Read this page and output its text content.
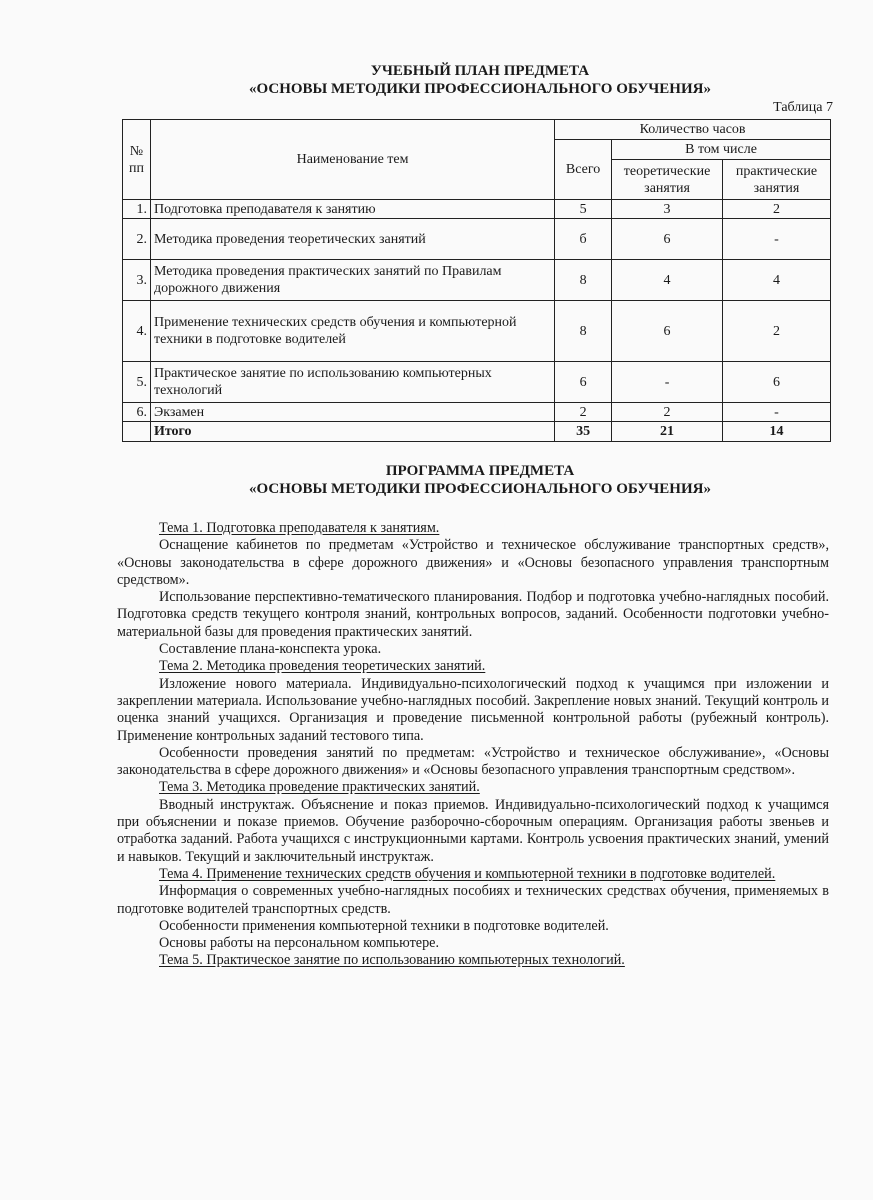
УЧЕБНЫЙ ПЛАН ПРЕДМЕТА
«ОСНОВЫ МЕТОДИКИ ПРОФЕССИОНАЛЬНОГО ОБУЧЕНИЯ»
Таблица 7
№ пп	Наименование тем	Количество часов		
		Всего	В том числе	
			теоретические занятия	практические занятия
1.	Подготовка преподавателя к занятию	5	3	2
2.	Методика проведения теоретических занятий	б	6	-
3.	Методика проведения практических занятий по Правилам дорожного движения	8	4	4
4.	Применение технических средств обучения и компьютерной техники в подготовке водителей	8	6	2
5.	Практическое занятие по использованию компьютерных технологий	6	-	6
6.	Экзамен	2	2	-
	Итого	35	21	14
ПРОГРАММА ПРЕДМЕТА
«ОСНОВЫ МЕТОДИКИ ПРОФЕССИОНАЛЬНОГО ОБУЧЕНИЯ»

Тема 1. Подготовка преподавателя к занятиям.

Оснащение кабинетов по предметам «Устройство и техническое обслуживание транспортных средств», «Основы законодательства в сфере дорожного движения» и «Основы безопасного управления транспортным средством».

Использование перспективно-тематического планирования. Подбор и подготовка учебно-наглядных пособий. Подготовка средств текущего контроля знаний, контрольных вопросов, заданий. Особенности подготовки учебно-материальной базы для проведения практических занятий.

Составление плана-конспекта урока.

Тема 2. Методика проведения теоретических занятий.

Изложение нового материала. Индивидуально-психологический подход к учащимся при изложении и закреплении материала. Использование учебно-наглядных пособий. Закрепление новых знаний. Текущий контроль и оценка знаний учащихся. Организация и проведение письменной контрольной работы (рубежный контроль). Применение контрольных заданий тестового типа.

Особенности проведения занятий по предметам: «Устройство и техническое обслуживание», «Основы законодательства в сфере дорожного движения» и «Основы безопасного управления транспортным средством».

Тема 3. Методика проведение практических занятий.

Вводный инструктаж. Объяснение и показ приемов. Индивидуально-психологический подход к учащимся при объяснении и показе приемов. Обучение разборочно-сборочным операциям. Организация работы звеньев и отработка заданий. Работа учащихся с инструкционными картами. Контроль усвоения практических знаний, умений и навыков. Текущий и заключительный инструктаж.

Тема 4. Применение технических средств обучения и компьютерной техники в подготовке водителей.

Информация о современных учебно-наглядных пособиях и технических средствах обучения, применяемых в подготовке водителей транспортных средств.

Особенности применения компьютерной техники в подготовке водителей.

Основы работы на персональном компьютере.

Тема 5. Практическое занятие по использованию компьютерных технологий.
